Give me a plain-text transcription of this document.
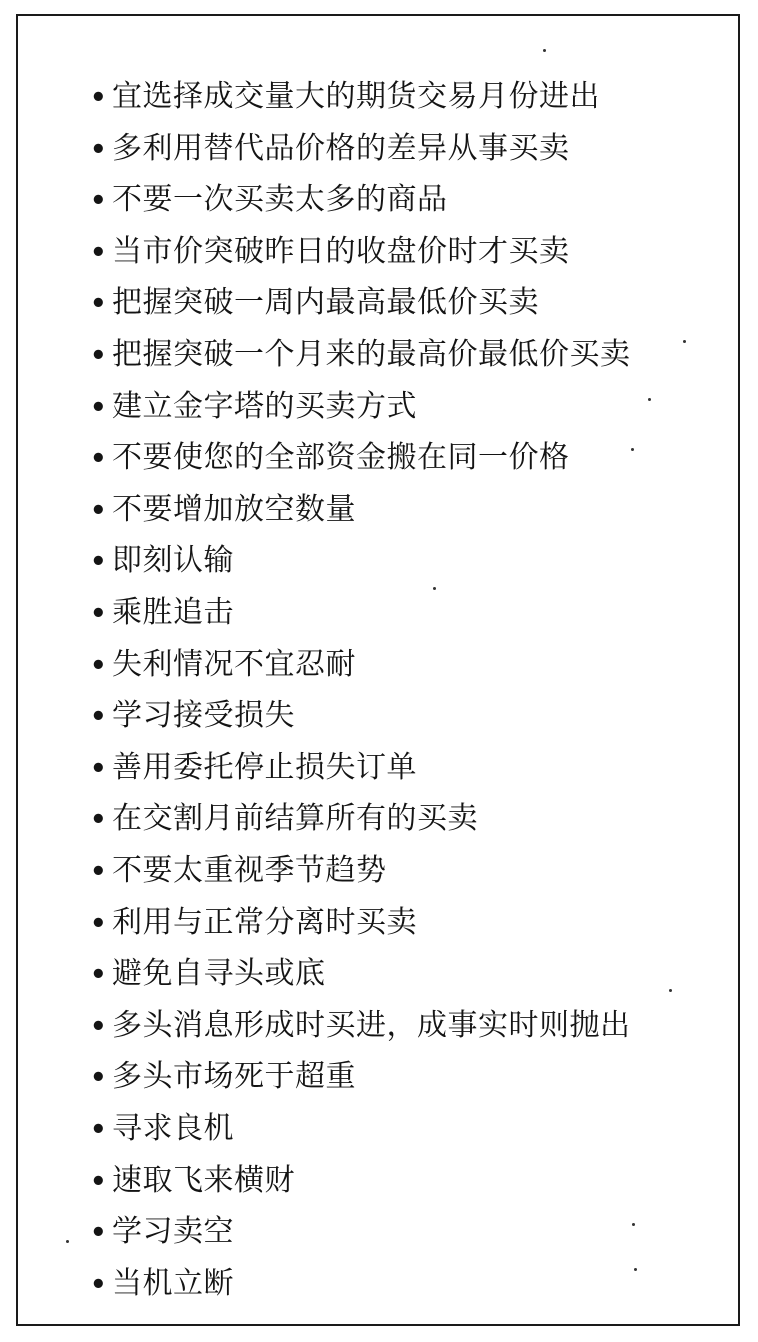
• 宜选择成交量大的期货交易月份进出
• 多利用替代品价格的差异从事买卖
• 不要一次买卖太多的商品
• 当市价突破昨日的收盘价时才买卖
• 把握突破一周内最高最低价买卖
• 把握突破一个月来的最高价最低价买卖
• 建立金字塔的买卖方式
• 不要使您的全部资金搬在同一价格
• 不要增加放空数量
• 即刻认输
• 乘胜追击
• 失利情况不宜忍耐
• 学习接受损失
• 善用委托停止损失订单
• 在交割月前结算所有的买卖
• 不要太重视季节趋势
• 利用与正常分离时买卖
• 避免自寻头或底
• 多头消息形成时买进，成事实时则抛出
• 多头市场死于超重
• 寻求良机
• 速取飞来横财
• 学习卖空
• 当机立断
